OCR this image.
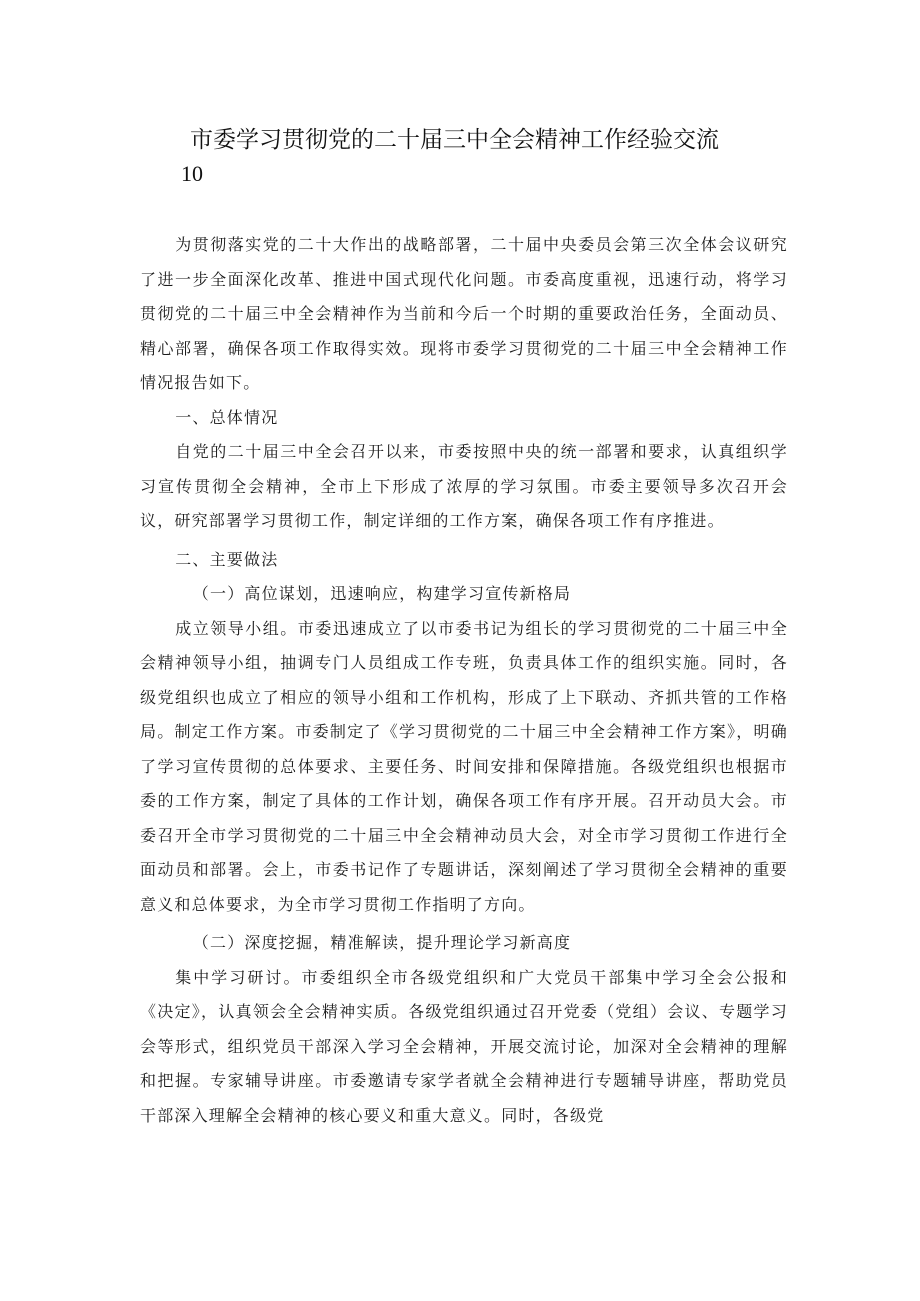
市委学习贯彻党的二十届三中全会精神工作经验交流
10

为贯彻落实党的二十大作出的战略部署，二十届中央委员会第三次全体会议研究了进一步全面深化改革、推进中国式现代化问题。市委高度重视，迅速行动，将学习贯彻党的二十届三中全会精神作为当前和今后一个时期的重要政治任务，全面动员、精心部署，确保各项工作取得实效。现将市委学习贯彻党的二十届三中全会精神工作情况报告如下。

一、总体情况

自党的二十届三中全会召开以来，市委按照中央的统一部署和要求，认真组织学习宣传贯彻全会精神，全市上下形成了浓厚的学习氛围。市委主要领导多次召开会议，研究部署学习贯彻工作，制定详细的工作方案，确保各项工作有序推进。

二、主要做法

（一）高位谋划，迅速响应，构建学习宣传新格局

成立领导小组。市委迅速成立了以市委书记为组长的学习贯彻党的二十届三中全会精神领导小组，抽调专门人员组成工作专班，负责具体工作的组织实施。同时，各级党组织也成立了相应的领导小组和工作机构，形成了上下联动、齐抓共管的工作格局。制定工作方案。市委制定了《学习贯彻党的二十届三中全会精神工作方案》，明确了学习宣传贯彻的总体要求、主要任务、时间安排和保障措施。各级党组织也根据市委的工作方案，制定了具体的工作计划，确保各项工作有序开展。召开动员大会。市委召开全市学习贯彻党的二十届三中全会精神动员大会，对全市学习贯彻工作进行全面动员和部署。会上，市委书记作了专题讲话，深刻阐述了学习贯彻全会精神的重要意义和总体要求，为全市学习贯彻工作指明了方向。

（二）深度挖掘，精准解读，提升理论学习新高度

集中学习研讨。市委组织全市各级党组织和广大党员干部集中学习全会公报和《决定》，认真领会全会精神实质。各级党组织通过召开党委（党组）会议、专题学习会等形式，组织党员干部深入学习全会精神，开展交流讨论，加深对全会精神的理解和把握。专家辅导讲座。市委邀请专家学者就全会精神进行专题辅导讲座，帮助党员干部深入理解全会精神的核心要义和重大意义。同时，各级党
